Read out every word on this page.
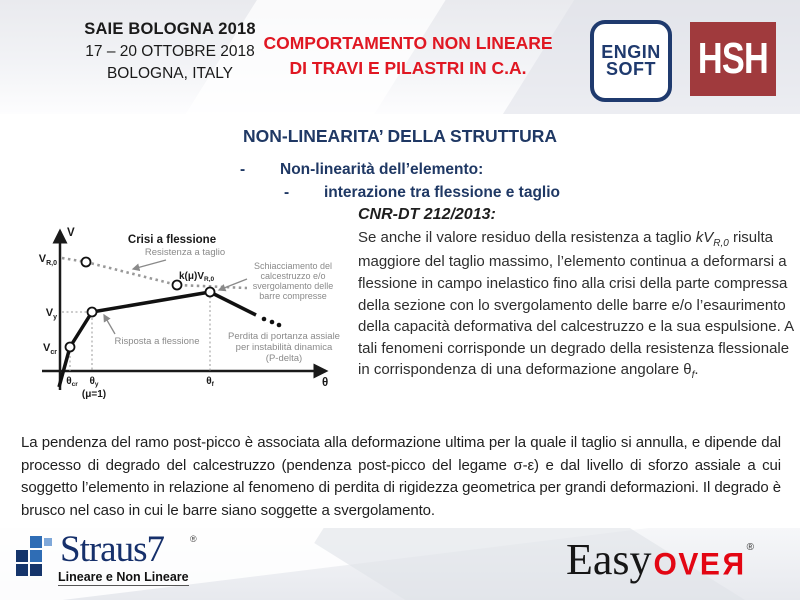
SAIE BOLOGNA 2018
17 – 20 OTTOBRE 2018
BOLOGNA, ITALY
COMPORTAMENTO NON LINEARE
DI TRAVI E PILASTRI IN C.A.
ENGIN
SOFT HSH
NON-LINEARITA’ DELLA STRUTTURA
- Non-linearità dell’elemento:
- interazione tra flessione e taglio
V
θ
$V_{R,0}$
$V_y$
$V_{cr}$
$\theta_{cr}$ $\theta_y$
(μ=1)
$\theta_f$
Crisi a flessione
Resistenza a taglio
$k(\mu)V_{R,0}$
Schiacciamento del
calcestruzzo e/o
svergolamento delle
barre compresse
Risposta a flessione	Perdita di portanza assiale
per instabilità dinamica
(P-delta)
CNR-DT 212/2013:
Se anche il valore residuo della resistenza a taglio $kV_{R,0}$ risulta maggiore del taglio massimo, l’elemento continua a deformarsi a flessione in campo inelastico fino alla crisi della parte compressa della sezione con lo svergolamento delle barre e/o l’esaurimento della capacità deformativa del calcestruzzo e la sua espulsione. A tali fenomeni corrisponde un degrado della resistenza flessionale in corrispondenza di una deformazione angolare $\theta_f$.
La pendenza del ramo post-picco è associata alla deformazione ultima per la quale il taglio si annulla, e dipende dal processo di degrado del calcestruzzo (pendenza post-picco del legame σ-ε) e dal livello di sforzo assiale a cui soggetto l’elemento in relazione al fenomeno di perdita di rigidezza geometrica per grandi deformazioni. Il degrado è brusco nel caso in cui le barre siano soggette a svergolamento.
Straus7	®
Lineare e Non Lineare	Easy OVER ®
